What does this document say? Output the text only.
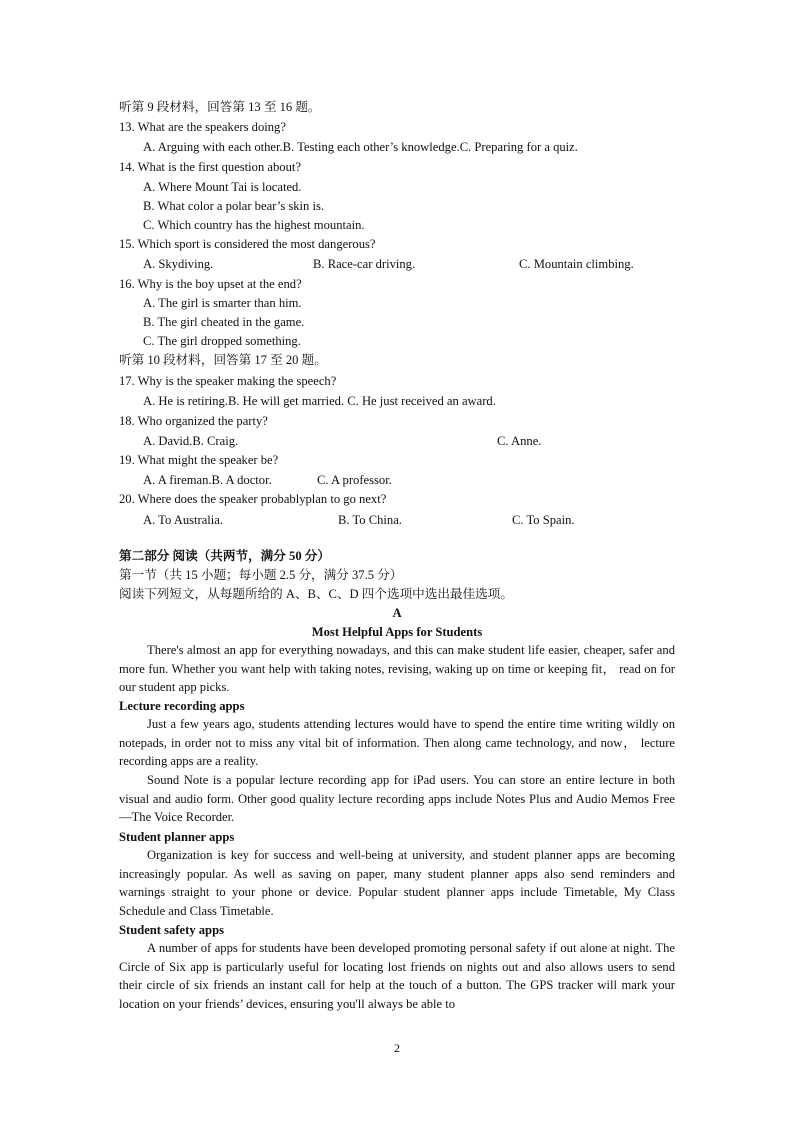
听第 9 段材料，回答第 13 至 16 题。
13. What are the speakers doing?
A. Arguing with each other.B. Testing each other’s knowledge.C. Preparing for a quiz.
14. What is the first question about?
A. Where Mount Tai is located.
B. What color a polar bear’s skin is.
C. Which country has the highest mountain.
15. Which sport is considered the most dangerous?
A. Skydiving.	B. Race-car driving.	C. Mountain climbing.
16. Why is the boy upset at the end?
A. The girl is smarter than him.
B. The girl cheated in the game.
C. The girl dropped something.
听第 10 段材料，回答第 17 至 20 题。
17. Why is the speaker making the speech?
A. He is retiring.B. He will get married. C. He just received an award.
18. Who organized the party?
A. David.B. Craig.	C. Anne.
19. What might the speaker be?
A. A fireman.B. A doctor.	C. A professor.
20. Where does the speaker probablyplan to go next?
A. To Australia.	B. To China.	C. To Spain.
第二部分 阅读（共两节，满分 50 分）
第一节（共 15 小题；每小题 2.5 分，满分 37.5 分）
阅读下列短文，从每题所给的 A、B、C、D 四个选项中选出最佳选项。
A
Most Helpful Apps for Students
There's almost an app for everything nowadays, and this can make student life easier, cheaper, safer and more fun. Whether you want help with taking notes, revising, waking up on time or keeping fit， read on for our student app picks.
Lecture recording apps
Just a few years ago, students attending lectures would have to spend the entire time writing wildly on notepads, in order not to miss any vital bit of information. Then along came technology, and now， lecture recording apps are a reality.
Sound Note is a popular lecture recording app for iPad users. You can store an entire lecture in both visual and audio form. Other good quality lecture recording apps include Notes Plus and Audio Memos Free—The Voice Recorder.
Student planner apps
Organization is key for success and well-being at university, and student planner apps are becoming increasingly popular. As well as saving on paper, many student planner apps also send reminders and warnings straight to your phone or device. Popular student planner apps include Timetable, My Class Schedule and Class Timetable.
Student safety apps
A number of apps for students have been developed promoting personal safety if out alone at night. The Circle of Six app is particularly useful for locating lost friends on nights out and also allows users to send their circle of six friends an instant call for help at the touch of a button. The GPS tracker will mark your location on your friends’ devices, ensuring you'll always be able to
2
